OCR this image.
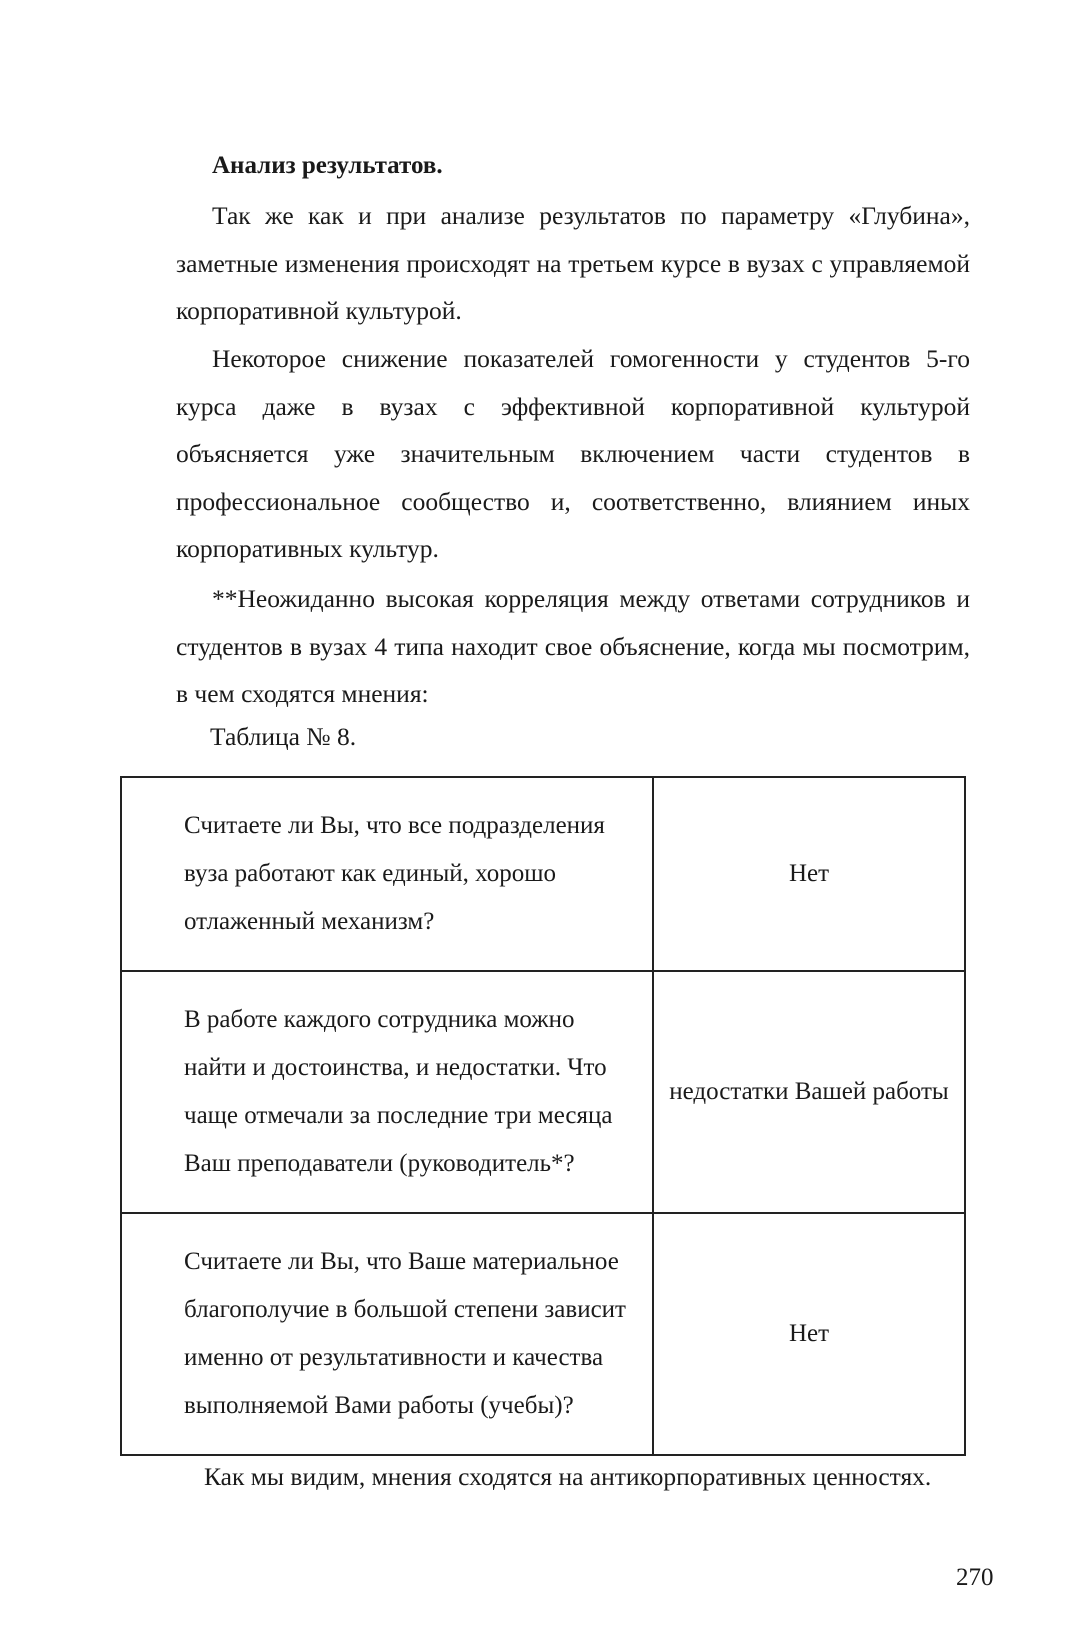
Анализ результатов.

Так же как и при анализе результатов по параметру «Глубина», заметные изменения происходят на третьем курсе в вузах с управляемой корпоративной культурой.

Некоторое снижение показателей гомогенности у студентов 5-го курса даже в вузах с эффективной корпоративной культурой объясняется уже значительным включением части студентов в профессиональное сообщество и, соответственно, влиянием иных корпоративных культур.

**Неожиданно высокая корреляция между ответами сотрудников и студентов в вузах 4 типа находит свое объяснение, когда мы посмотрим, в чем сходятся мнения:

Таблица № 8.

Считаете ли Вы, что все подразделения вуза работают как единый, хорошо отлаженный механизм?	Нет
В работе каждого сотрудника можно найти и достоинства, и недостатки. Что чаще отмечали за последние три месяца Ваш преподаватели (руководитель*?	недостатки Вашей работы
Считаете ли Вы, что Ваше материальное благополучие в большой степени зависит именно от результативности и качества выполняемой Вами работы (учебы)?	Нет

Как мы видим, мнения сходятся на антикорпоративных ценностях.

270
